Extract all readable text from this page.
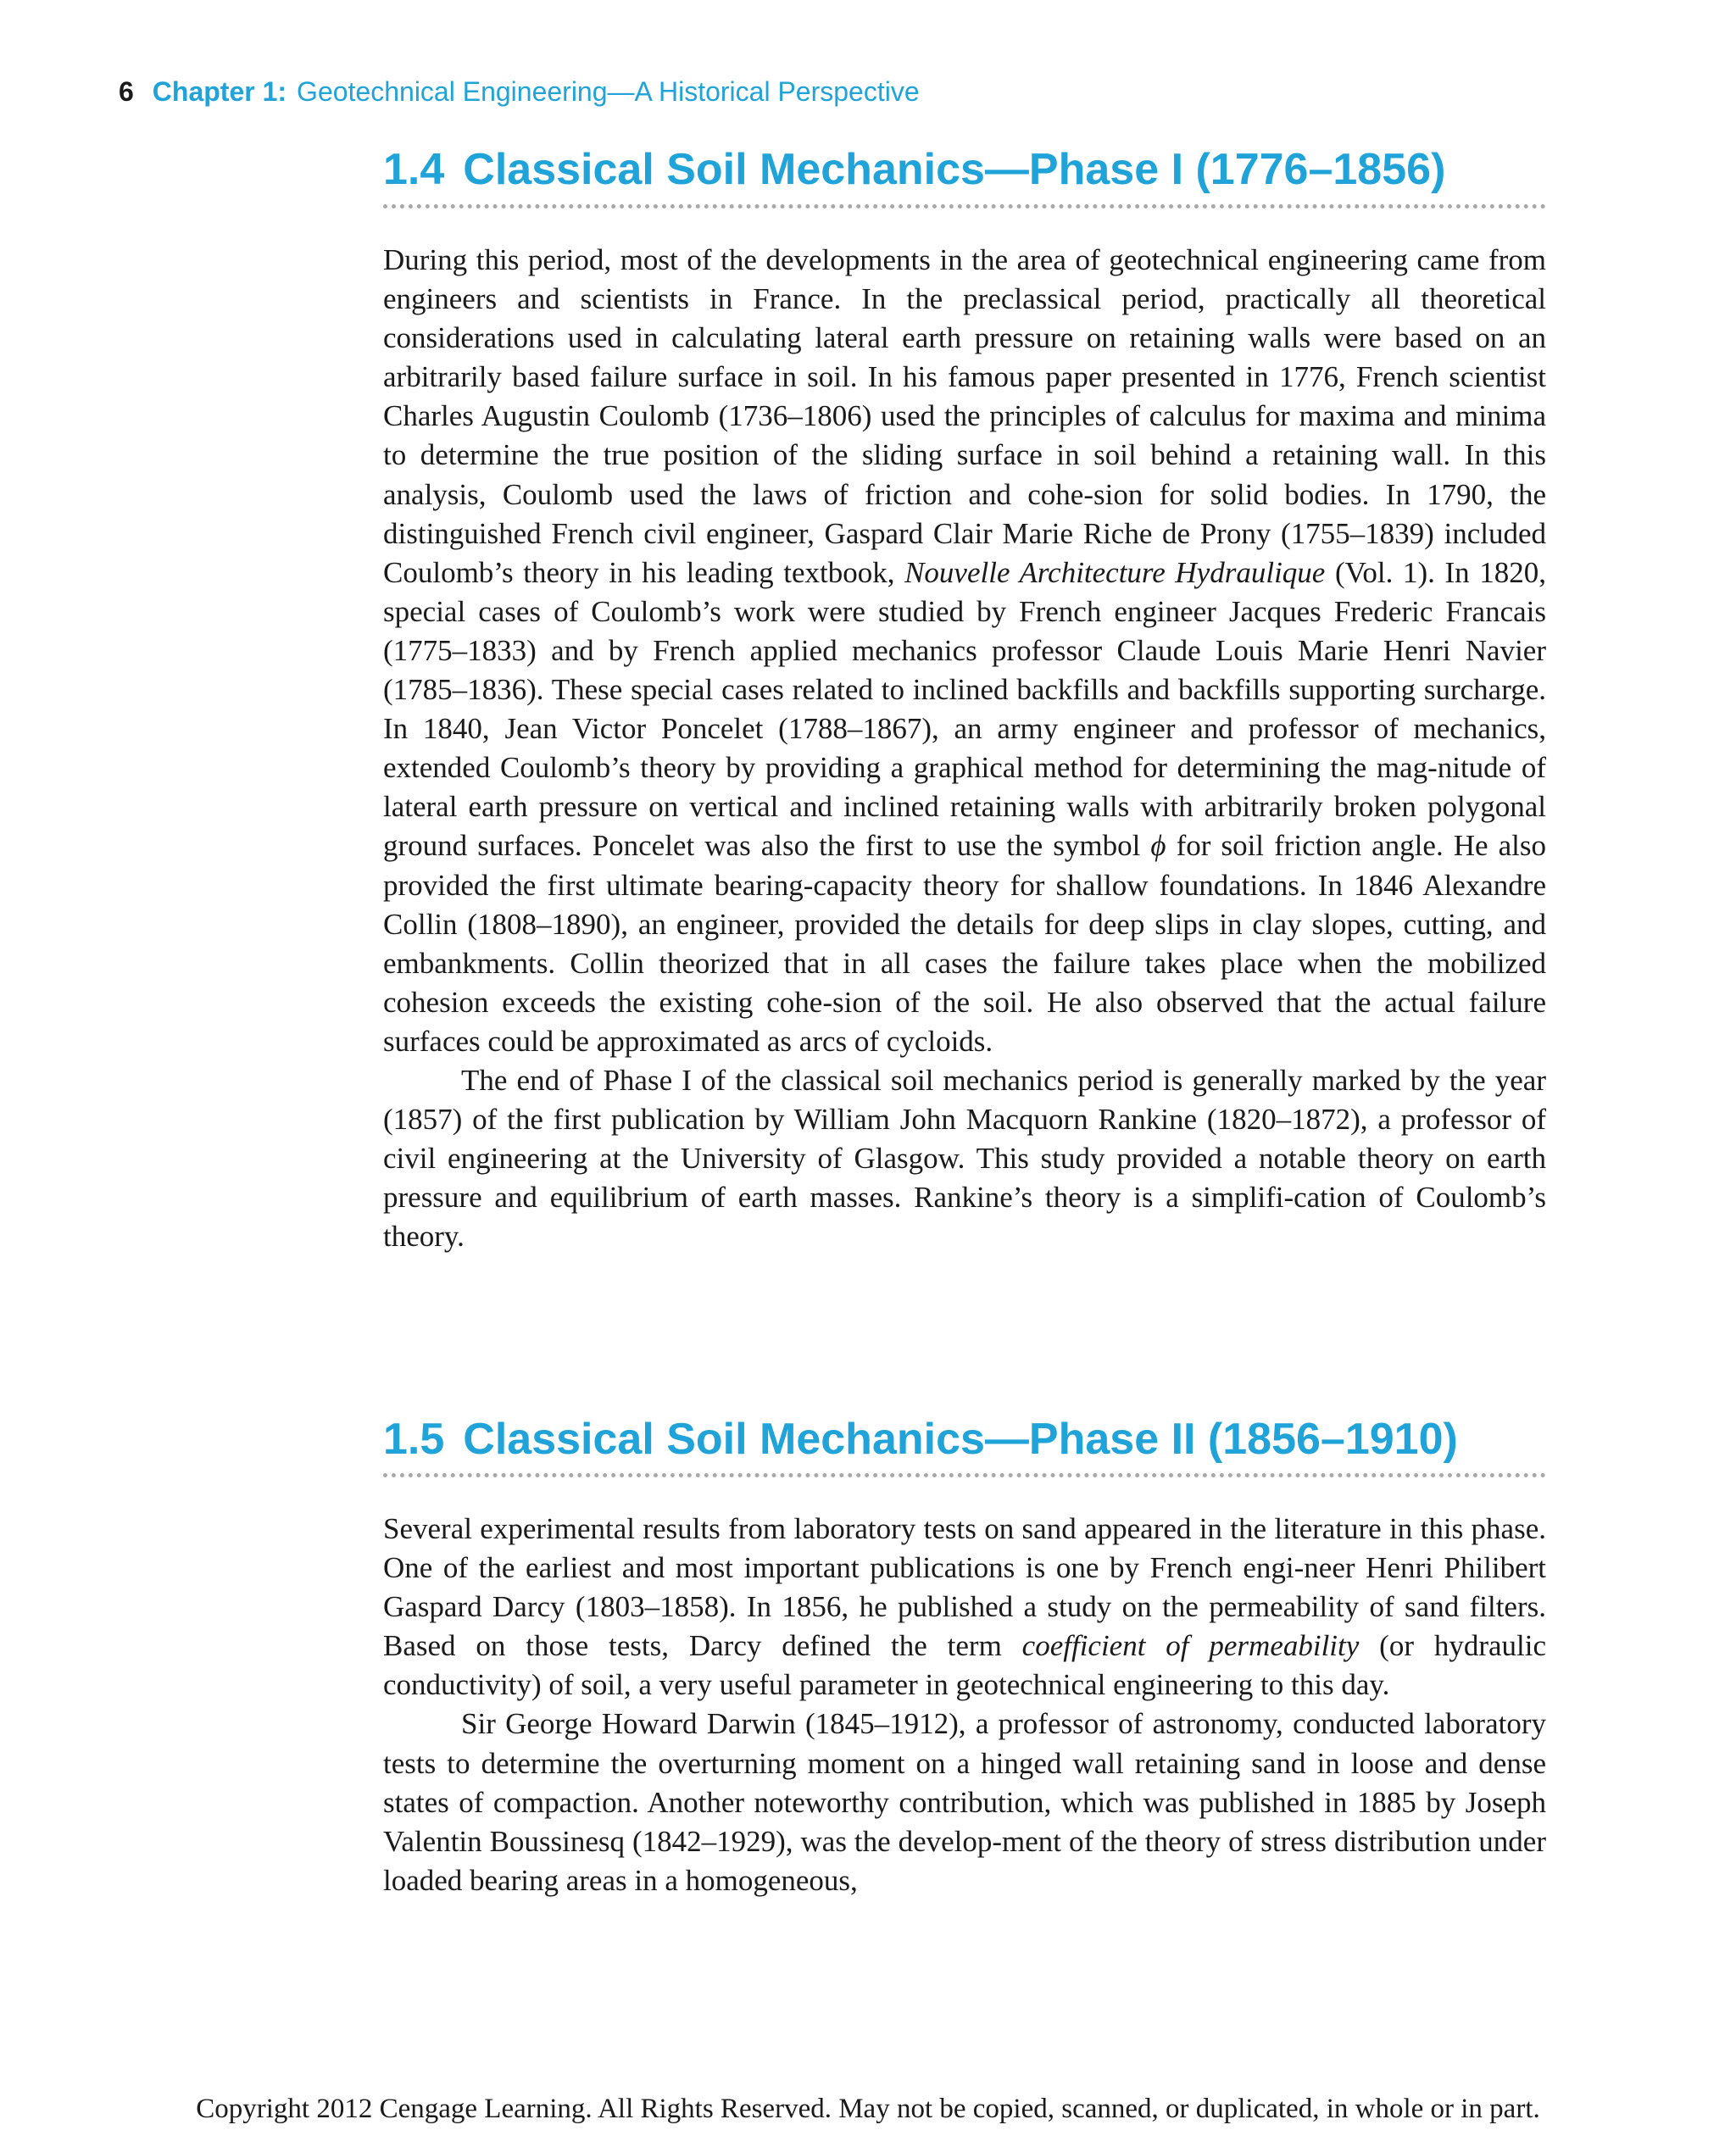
6 Chapter 1: Geotechnical Engineering—A Historical Perspective
1.4 Classical Soil Mechanics—Phase I (1776–1856)

During this period, most of the developments in the area of geotechnical engineering came from engineers and scientists in France. In the preclassical period, practically all theoretical considerations used in calculating lateral earth pressure on retaining walls were based on an arbitrarily based failure surface in soil. In his famous paper presented in 1776, French scientist Charles Augustin Coulomb (1736–1806) used the principles of calculus for maxima and minima to determine the true position of the sliding surface in soil behind a retaining wall. In this analysis, Coulomb used the laws of friction and cohe-sion for solid bodies. In 1790, the distinguished French civil engineer, Gaspard Clair Marie Riche de Prony (1755–1839) included Coulomb’s theory in his leading textbook, Nouvelle Architecture Hydraulique (Vol. 1). In 1820, special cases of Coulomb’s work were studied by French engineer Jacques Frederic Francais (1775–1833) and by French applied mechanics professor Claude Louis Marie Henri Navier (1785–1836). These special cases related to inclined backfills and backfills supporting surcharge. In 1840, Jean Victor Poncelet (1788–1867), an army engineer and professor of mechanics, extended Coulomb’s theory by providing a graphical method for determining the mag-nitude of lateral earth pressure on vertical and inclined retaining walls with arbitrarily broken polygonal ground surfaces. Poncelet was also the first to use the symbol ϕ for soil friction angle. He also provided the first ultimate bearing-capacity theory for shallow foundations. In 1846 Alexandre Collin (1808–1890), an engineer, provided the details for deep slips in clay slopes, cutting, and embankments. Collin theorized that in all cases the failure takes place when the mobilized cohesion exceeds the existing cohe-sion of the soil. He also observed that the actual failure surfaces could be approximated as arcs of cycloids.

The end of Phase I of the classical soil mechanics period is generally marked by the year (1857) of the first publication by William John Macquorn Rankine (1820–1872), a professor of civil engineering at the University of Glasgow. This study provided a notable theory on earth pressure and equilibrium of earth masses. Rankine’s theory is a simplifi-cation of Coulomb’s theory.

1.5 Classical Soil Mechanics—Phase II (1856–1910)

Several experimental results from laboratory tests on sand appeared in the literature in this phase. One of the earliest and most important publications is one by French engi-neer Henri Philibert Gaspard Darcy (1803–1858). In 1856, he published a study on the permeability of sand filters. Based on those tests, Darcy defined the term coefficient of permeability (or hydraulic conductivity) of soil, a very useful parameter in geotechnical engineering to this day.

Sir George Howard Darwin (1845–1912), a professor of astronomy, conducted laboratory tests to determine the overturning moment on a hinged wall retaining sand in loose and dense states of compaction. Another noteworthy contribution, which was published in 1885 by Joseph Valentin Boussinesq (1842–1929), was the develop-ment of the theory of stress distribution under loaded bearing areas in a homogeneous,

Copyright 2012 Cengage Learning. All Rights Reserved. May not be copied, scanned, or duplicated, in whole or in part.
